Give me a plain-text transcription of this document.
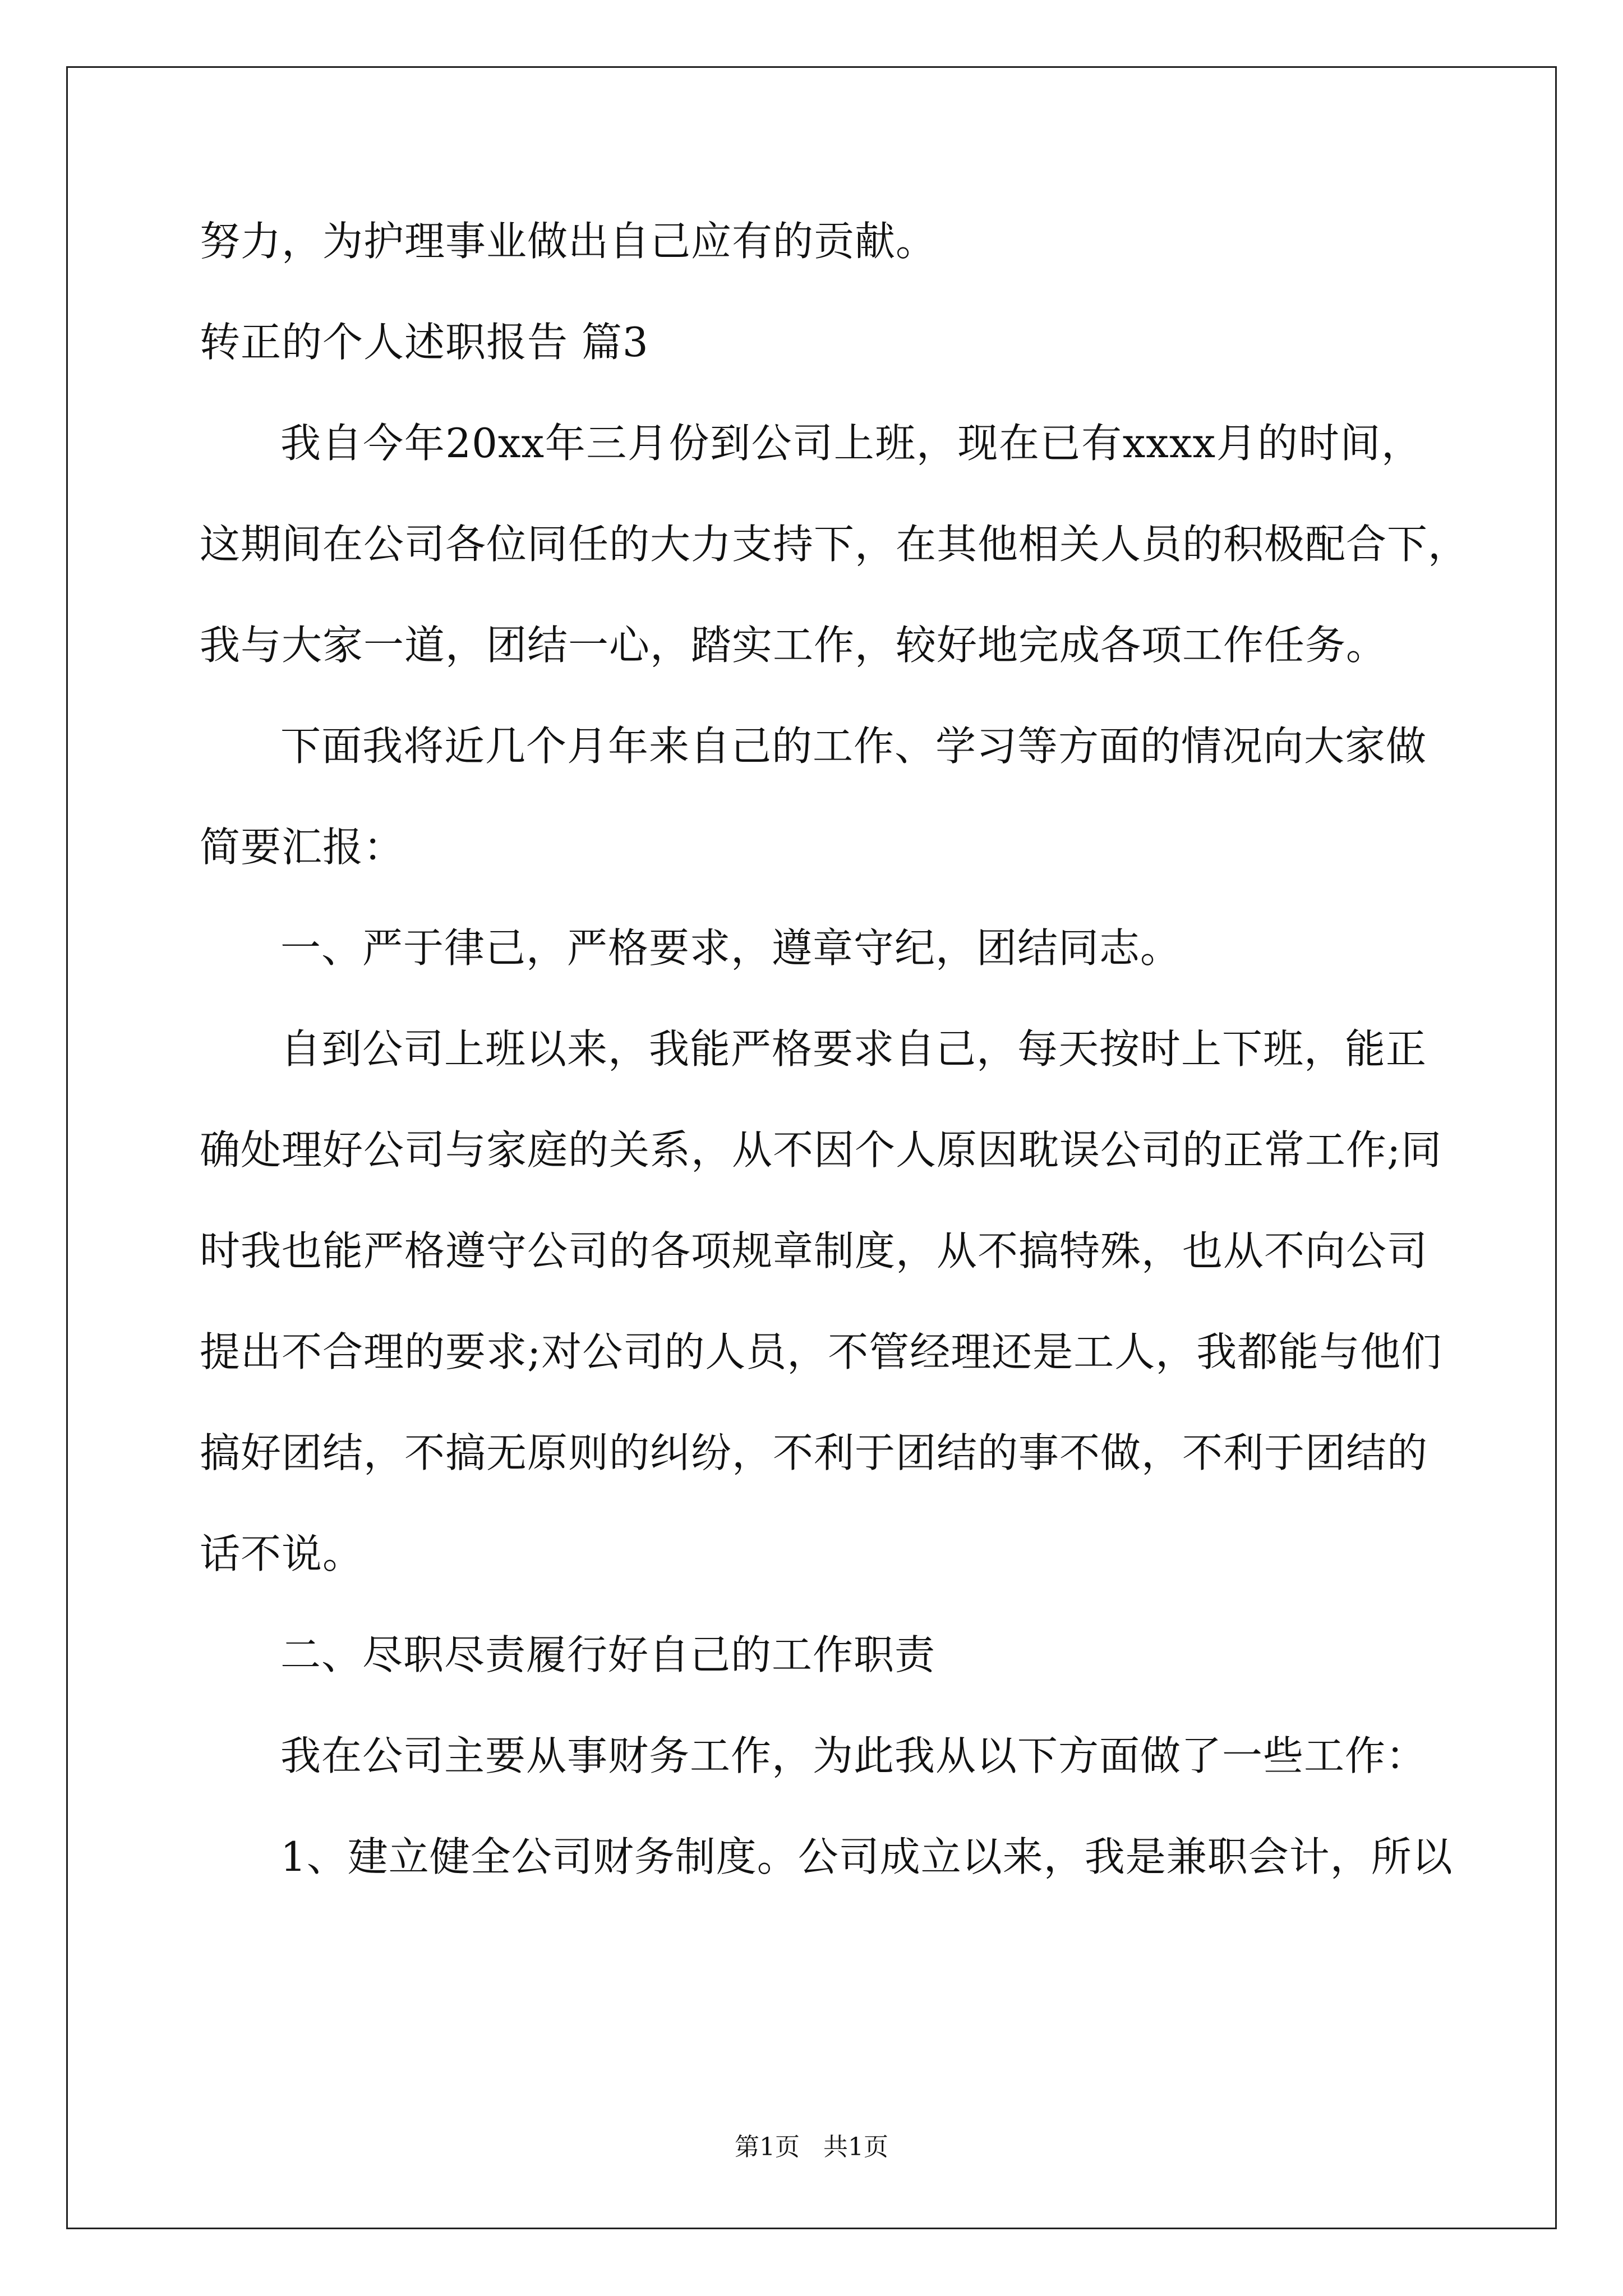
努力，为护理事业做出自己应有的贡献。
转正的个人述职报告 篇3
我自今年20xx年三月份到公司上班，现在已有xxxx月的时间，
这期间在公司各位同任的大力支持下，在其他相关人员的积极配合下，
我与大家一道，团结一心，踏实工作，较好地完成各项工作任务。
下面我将近几个月年来自己的工作、学习等方面的情况向大家做
简要汇报：
一、严于律己，严格要求，遵章守纪，团结同志。
自到公司上班以来，我能严格要求自己，每天按时上下班，能正
确处理好公司与家庭的关系，从不因个人原因耽误公司的正常工作;同
时我也能严格遵守公司的各项规章制度，从不搞特殊，也从不向公司
提出不合理的要求;对公司的人员，不管经理还是工人，我都能与他们
搞好团结，不搞无原则的纠纷，不利于团结的事不做，不利于团结的
话不说。
二、尽职尽责履行好自己的工作职责
我在公司主要从事财务工作，为此我从以下方面做了一些工作：
1、建立健全公司财务制度。公司成立以来，我是兼职会计，所以
第1页   共1页
